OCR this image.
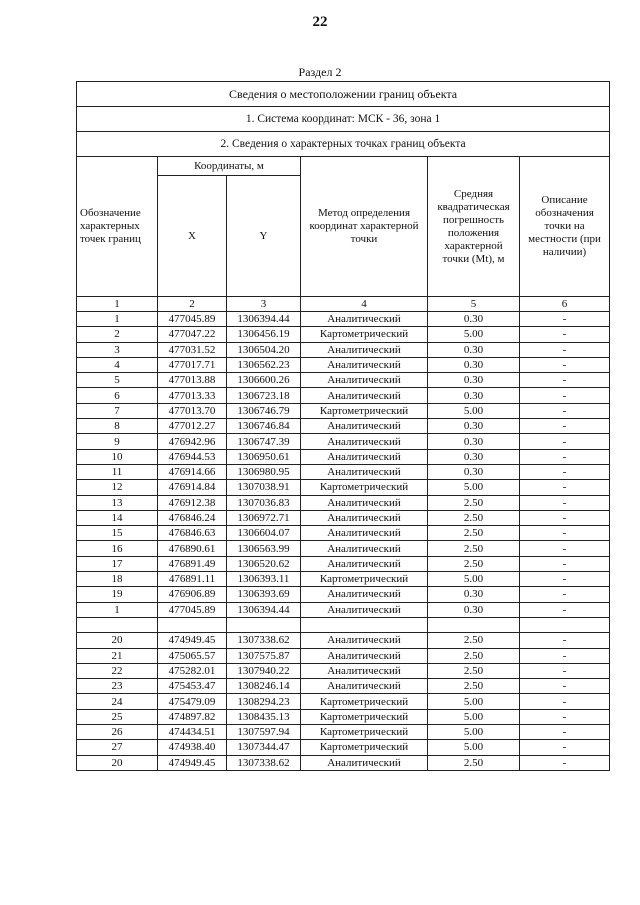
22
Раздел 2
Сведения о местоположении границ объекта					
1. Система координат: МСК - 36, зона 1					
2. Сведения о характерных точках границ объекта					
Обозначение характерных точек границ	Координаты, м		Метод определения координат характерной точки	Средняя квадратическая погрешность положения характерной точки (Mt), м	Описание обозначения точки на местности (при наличии)
	X	Y			
1	2	3	4	5	6
1	477045.89	1306394.44	Аналитический	0.30	-
2	477047.22	1306456.19	Картометрический	5.00	-
3	477031.52	1306504.20	Аналитический	0.30	-
4	477017.71	1306562.23	Аналитический	0.30	-
5	477013.88	1306600.26	Аналитический	0.30	-
6	477013.33	1306723.18	Аналитический	0.30	-
7	477013.70	1306746.79	Картометрический	5.00	-
8	477012.27	1306746.84	Аналитический	0.30	-
9	476942.96	1306747.39	Аналитический	0.30	-
10	476944.53	1306950.61	Аналитический	0.30	-
11	476914.66	1306980.95	Аналитический	0.30	-
12	476914.84	1307038.91	Картометрический	5.00	-
13	476912.38	1307036.83	Аналитический	2.50	-
14	476846.24	1306972.71	Аналитический	2.50	-
15	476846.63	1306604.07	Аналитический	2.50	-
16	476890.61	1306563.99	Аналитический	2.50	-
17	476891.49	1306520.62	Аналитический	2.50	-
18	476891.11	1306393.11	Картометрический	5.00	-
19	476906.89	1306393.69	Аналитический	0.30	-
1	477045.89	1306394.44	Аналитический	0.30	-

20	474949.45	1307338.62	Аналитический	2.50	-
21	475065.57	1307575.87	Аналитический	2.50	-
22	475282.01	1307940.22	Аналитический	2.50	-
23	475453.47	1308246.14	Аналитический	2.50	-
24	475479.09	1308294.23	Картометрический	5.00	-
25	474897.82	1308435.13	Картометрический	5.00	-
26	474434.51	1307597.94	Картометрический	5.00	-
27	474938.40	1307344.47	Картометрический	5.00	-
20	474949.45	1307338.62	Аналитический	2.50	-
